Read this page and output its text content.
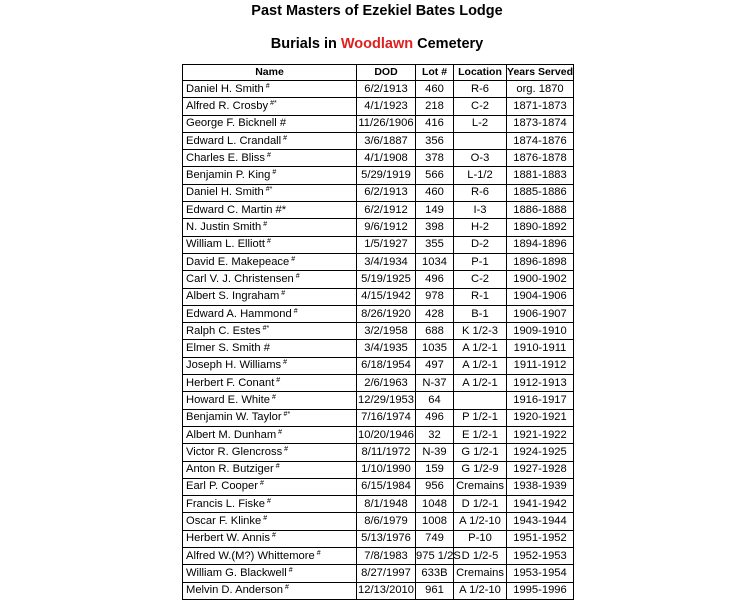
Past Masters of Ezekiel Bates Lodge
Burials in Woodlawn Cemetery
Name	DOD	Lot #	Location	Years Served
Daniel H. Smith #	6/2/1913	460	R-6	org. 1870
Alfred R. Crosby #*	4/1/1923	218	C-2	1871-1873
George F. Bicknell #	11/26/1906	416	L-2	1873-1874
Edward L. Crandall #	3/6/1887	356		1874-1876
Charles E. Bliss #	4/1/1908	378	O-3	1876-1878
Benjamin P. King #	5/29/1919	566	L-1/2	1881-1883
Daniel H. Smith #*	6/2/1913	460	R-6	1885-1886
Edward C. Martin #*	6/2/1912	149	I-3	1886-1888
N. Justin Smith #	9/6/1912	398	H-2	1890-1892
William L. Elliott #	1/5/1927	355	D-2	1894-1896
David E. Makepeace #	3/4/1934	1034	P-1	1896-1898
Carl V. J. Christensen #	5/19/1925	496	C-2	1900-1902
Albert S. Ingraham #	4/15/1942	978	R-1	1904-1906
Edward A. Hammond #	8/26/1920	428	B-1	1906-1907
Ralph C. Estes #*	3/2/1958	688	K 1/2-3	1909-1910
Elmer S. Smith #	3/4/1935	1035	A 1/2-1	1910-1911
Joseph H. Williams #	6/18/1954	497	A 1/2-1	1911-1912
Herbert F. Conant #	2/6/1963	N-37	A 1/2-1	1912-1913
Howard E. White #	12/29/1953	64		1916-1917
Benjamin W. Taylor #*	7/16/1974	496	P 1/2-1	1920-1921
Albert M. Dunham #	10/20/1946	32	E 1/2-1	1921-1922
Victor R. Glencross #	8/11/1972	N-39	G 1/2-1	1924-1925
Anton R. Butziger #	1/10/1990	159	G 1/2-9	1927-1928
Earl P. Cooper #	6/15/1984	956	Cremains	1938-1939
Francis L. Fiske #	8/1/1948	1048	D 1/2-1	1941-1942
Oscar F. Klinke #	8/6/1979	1008	A 1/2-10	1943-1944
Herbert W. Annis #	5/13/1976	749	P-10	1951-1952
Alfred W.(M?) Whittemore #	7/8/1983	975 1/2S	D 1/2-5	1952-1953
William G. Blackwell #	8/27/1997	633B	Cremains	1953-1954
Melvin D. Anderson #	12/13/2010	961	A 1/2-10	1995-1996
